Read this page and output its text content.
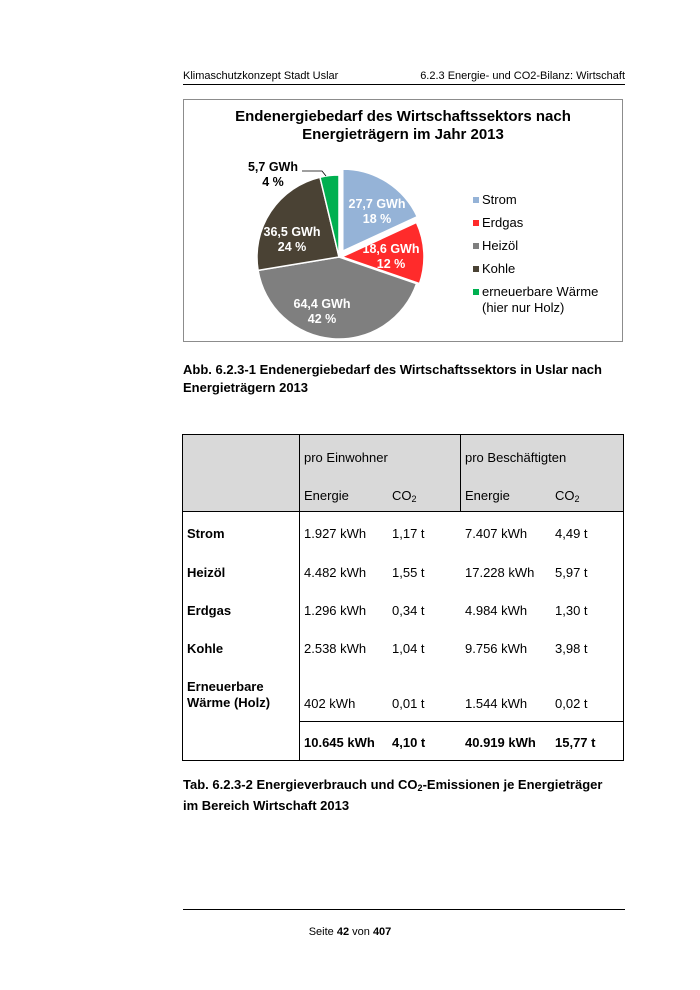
Klimaschutzkonzept Stadt Uslar	6.2.3 Energie- und CO2-Bilanz: Wirtschaft
Endenergiebedarf des Wirtschaftssektors nach
Energieträgern im Jahr 2013
27,7 GWh
18 %
18,6 GWh
12 %
64,4 GWh
42 %
36,5 GWh
24 %
5,7 GWh
4 %
Strom
Erdgas
Heizöl
Kohle
erneuerbare Wärme
(hier nur Holz)
Abb. 6.2.3-1 Endenergiebedarf des Wirtschaftssektors in Uslar nach
Energieträgern 2013
pro Einwohner	pro Beschäftigten
Energie	$CO_2$	Energie	$CO_2$
Strom	1.927 kWh 1,17 t	7.407 kWh 4,49 t
Heizöl	4.482 kWh 1,55 t	17.228 kWh 5,97 t
Erdgas	1.296 kWh 0,34 t	4.984 kWh 1,30 t
Kohle	2.538 kWh 1,04 t	9.756 kWh 3,98 t
Erneuerbare
Wärme (Holz)	402 kWh	0,01 t	1.544 kWh 0,02 t
10.645 kWh 4,10 t	40.919 kWh 15,77 t
Tab. 6.2.3-2 Energieverbrauch und $CO_2$-Emissionen je Energieträger
im Bereich Wirtschaft 2013
Seite 42 von 407
